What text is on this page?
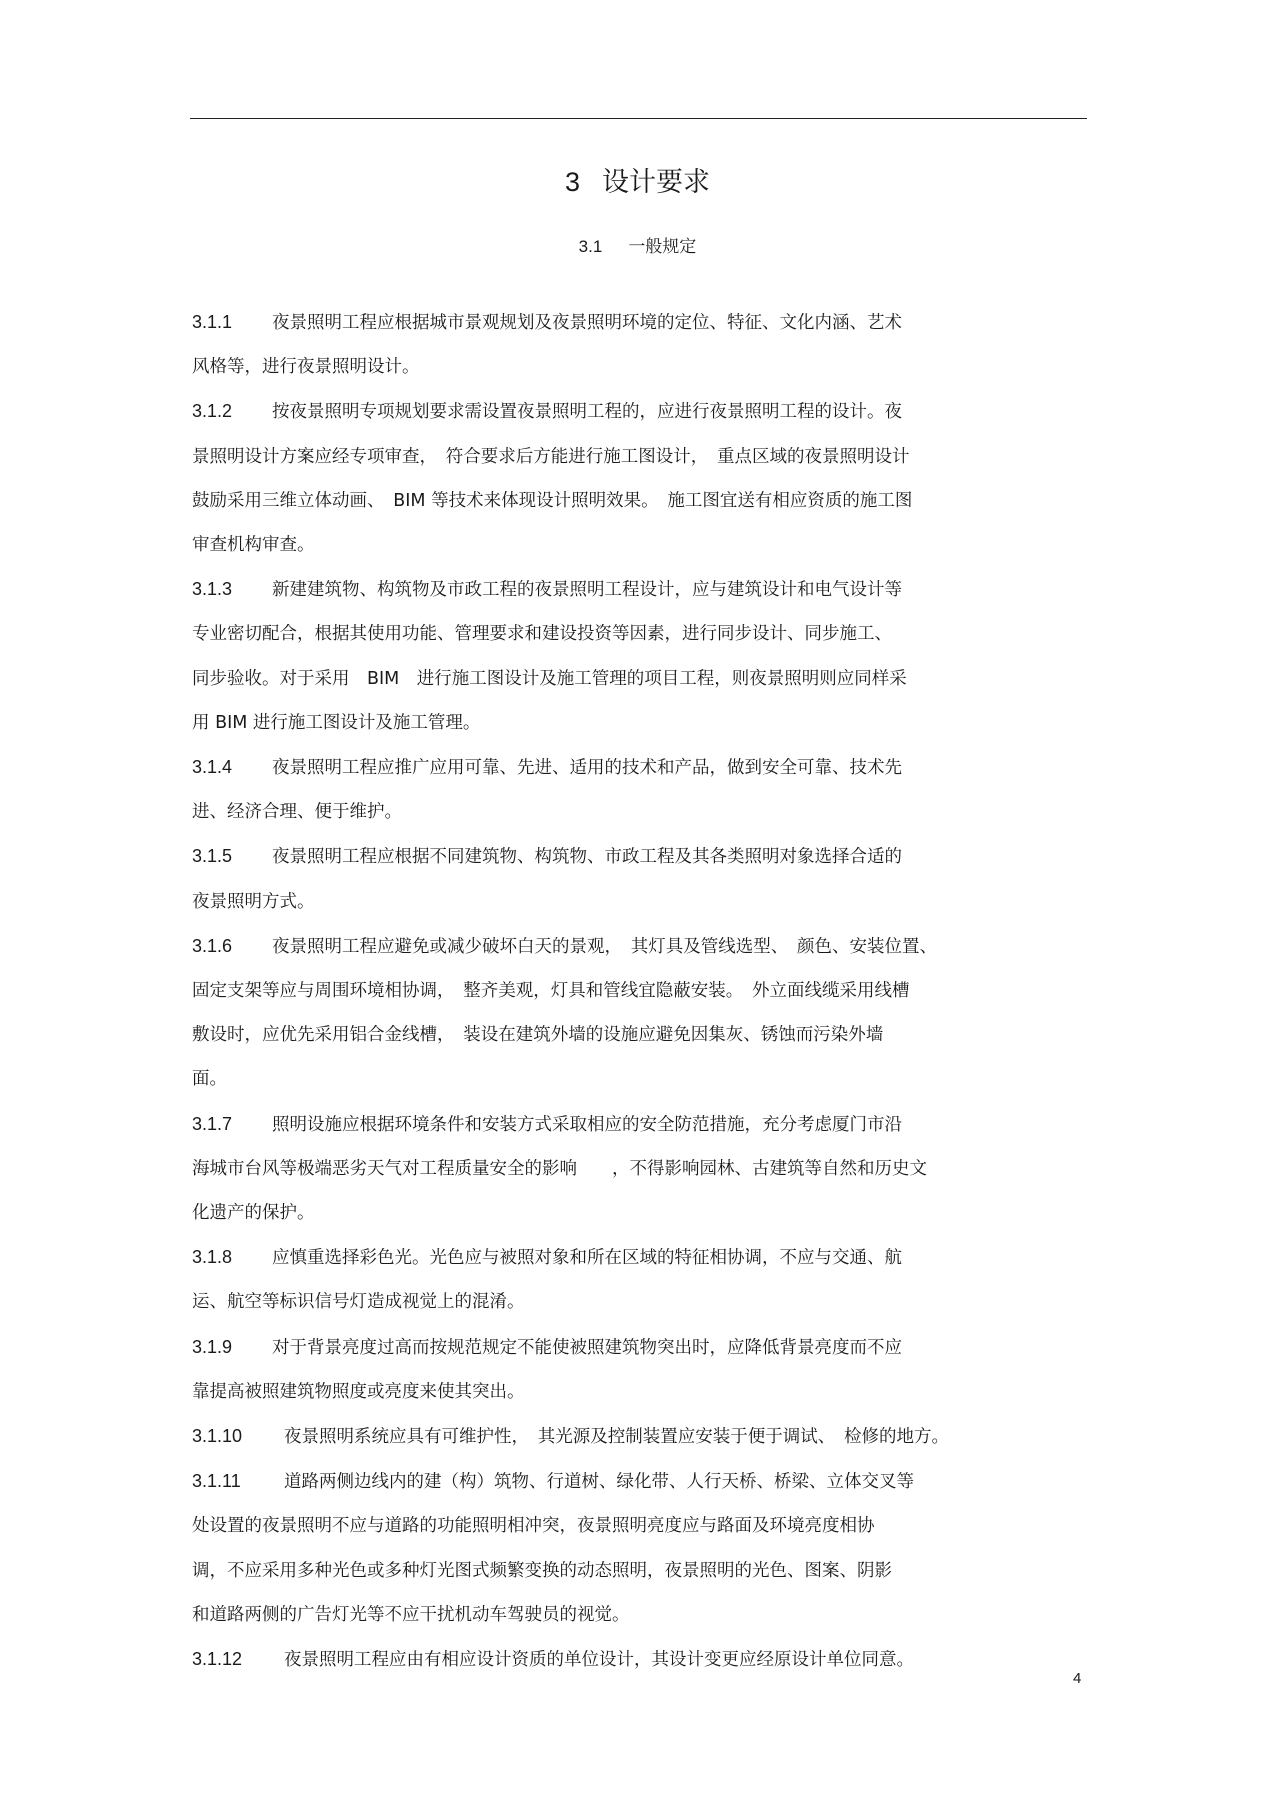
3 设计要求
3.1 一般规定
3.1.1 夜景照明工程应根据城市景观规划及夜景照明环境的定位、特征、文化内涵、艺术
风格等，进行夜景照明设计。
3.1.2 按夜景照明专项规划要求需设置夜景照明工程的，应进行夜景照明工程的设计。夜
景照明设计方案应经专项审查，　符合要求后方能进行施工图设计，　重点区域的夜景照明设计
鼓励采用三维立体动画、　BIM 等技术来体现设计照明效果。　施工图宜送有相应资质的施工图
审查机构审查。
3.1.3 新建建筑物、构筑物及市政工程的夜景照明工程设计，应与建筑设计和电气设计等
专业密切配合，根据其使用功能、管理要求和建设投资等因素，进行同步设计、同步施工、
同步验收。对于采用　BIM　进行施工图设计及施工管理的项目工程，则夜景照明则应同样采
用 BIM 进行施工图设计及施工管理。
3.1.4 夜景照明工程应推广应用可靠、先进、适用的技术和产品，做到安全可靠、技术先
进、经济合理、便于维护。
3.1.5 夜景照明工程应根据不同建筑物、构筑物、市政工程及其各类照明对象选择合适的
夜景照明方式。
3.1.6 夜景照明工程应避免或减少破坏白天的景观，　其灯具及管线选型、　颜色、安装位置、
固定支架等应与周围环境相协调，　整齐美观，灯具和管线宜隐蔽安装。　外立面线缆采用线槽
敷设时，应优先采用铝合金线槽，　装设在建筑外墙的设施应避免因集灰、锈蚀而污染外墙
面。
3.1.7 照明设施应根据环境条件和安装方式采取相应的安全防范措施，充分考虑厦门市沿
海城市台风等极端恶劣天气对工程质量安全的影响　　，不得影响园林、古建筑等自然和历史文
化遗产的保护。
3.1.8 应慎重选择彩色光。光色应与被照对象和所在区域的特征相协调，不应与交通、航
运、航空等标识信号灯造成视觉上的混淆。
3.1.9 对于背景亮度过高而按规范规定不能使被照建筑物突出时，应降低背景亮度而不应
靠提高被照建筑物照度或亮度来使其突出。
3.1.10 夜景照明系统应具有可维护性，　其光源及控制装置应安装于便于调试、　检修的地方。
3.1.11 道路两侧边线内的建（构）筑物、行道树、绿化带、人行天桥、桥梁、立体交叉等
处设置的夜景照明不应与道路的功能照明相冲突，夜景照明亮度应与路面及环境亮度相协
调，不应采用多种光色或多种灯光图式频繁变换的动态照明，夜景照明的光色、图案、阴影
和道路两侧的广告灯光等不应干扰机动车驾驶员的视觉。
3.1.12 夜景照明工程应由有相应设计资质的单位设计，其设计变更应经原设计单位同意。
4
